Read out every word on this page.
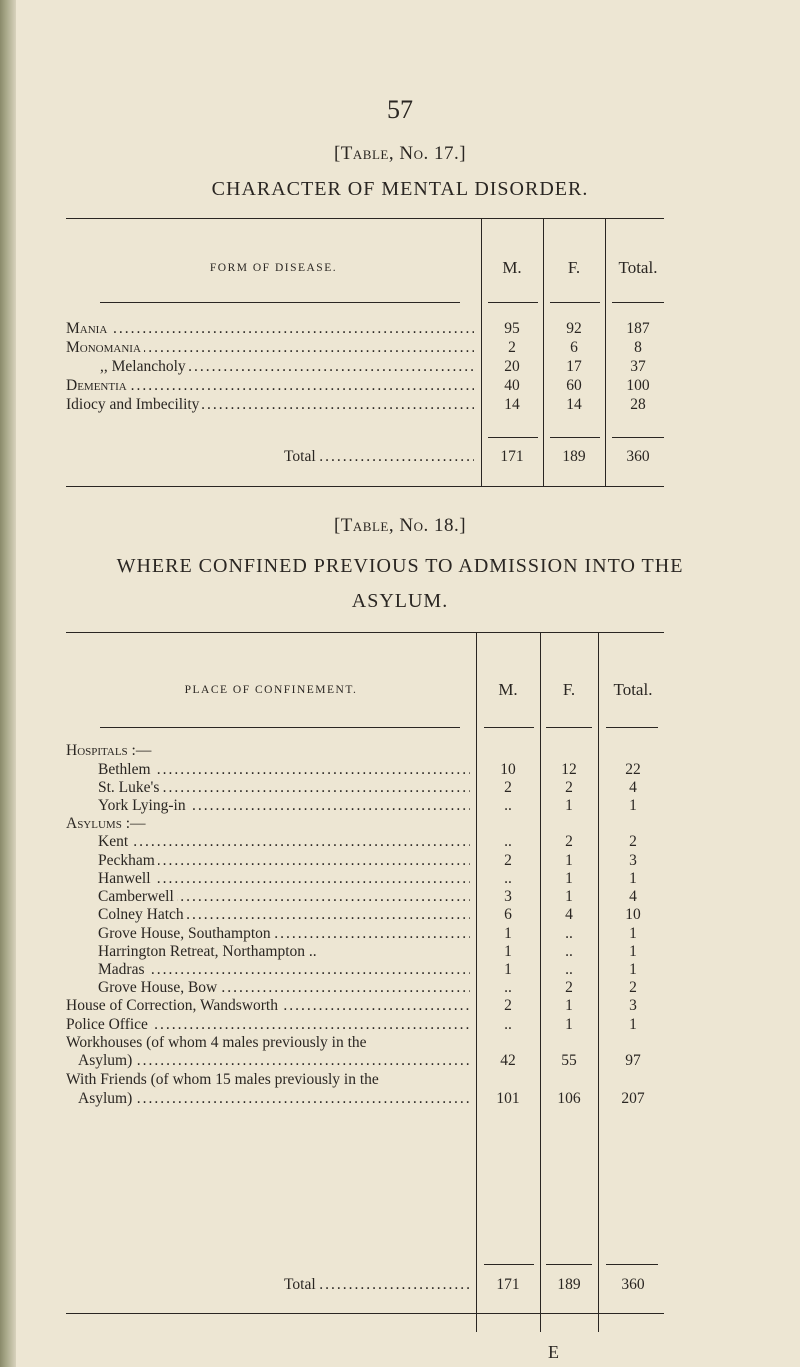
57
[Table, No. 17.]
CHARACTER OF MENTAL DISORDER.
FORM OF DISEASE.	M.	F.	Total.
Mania .....	95	92	187
Monomania .....	2	6	8
,, Melancholy .....	20	17	37
Dementia .....	40	60	100
Idiocy and Imbecility .....	14	14	28
Total .....	171	189	360
[Table, No. 18.]
WHERE CONFINED PREVIOUS TO ADMISSION INTO THE
ASYLUM.
PLACE OF CONFINEMENT.	M.	F.	Total.
Hospitals :—
Bethlem .....	10	12	22
St. Luke's .....	2	2	4
York Lying-in .....	..	1	1
Asylums :—
Kent .....	..	2	2
Peckham .....	2	1	3
Hanwell .....	..	1	1
Camberwell .....	3	1	4
Colney Hatch .....	6	4	10
Grove House, Southampton .....	1	..	1
Harrington Retreat, Northampton ..	1	..	1
Madras .....	1	..	1
Grove House, Bow .....	..	2	2
House of Correction, Wandsworth .....	2	1	3
Police Office .....	..	1	1
Workhouses (of whom 4 males previously in the
Asylum) .....	42	55	97
With Friends (of whom 15 males previously in the
Asylum) .....	101	106	207
Total .....	171	189	360
E
